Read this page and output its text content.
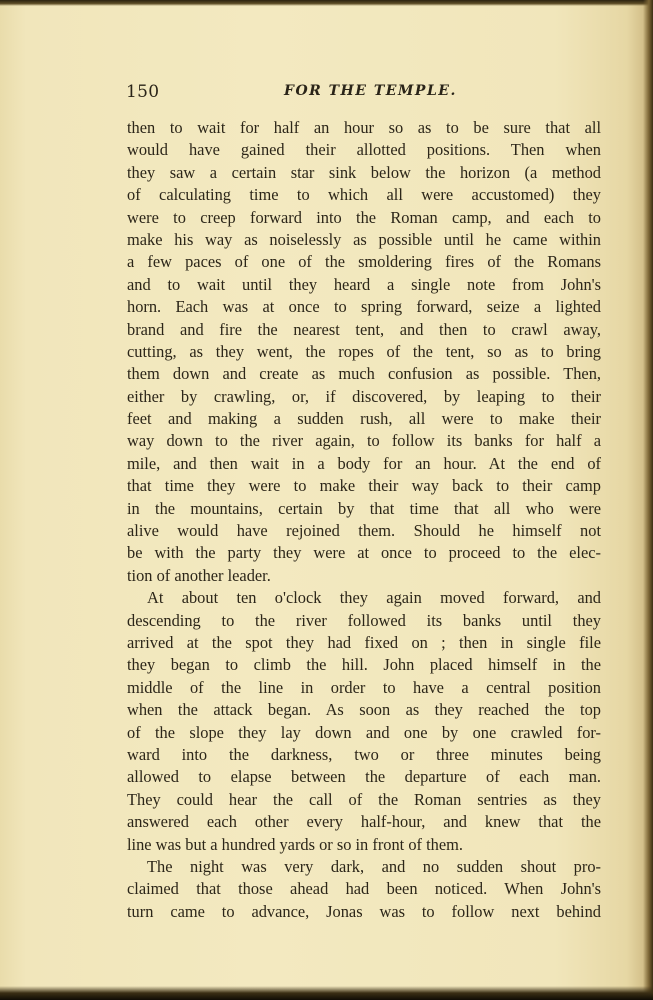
150	FOR THE TEMPLE.
then to wait for half an hour so as to be sure that all
would have gained their allotted positions. Then when
they saw a certain star sink below the horizon (a method
of calculating time to which all were accustomed) they
were to creep forward into the Roman camp, and each to
make his way as noiselessly as possible until he came within
a few paces of one of the smoldering fires of the Romans
and to wait until they heard a single note from John's
horn. Each was at once to spring forward, seize a lighted
brand and fire the nearest tent, and then to crawl away,
cutting, as they went, the ropes of the tent, so as to bring
them down and create as much confusion as possible. Then,
either by crawling, or, if discovered, by leaping to their
feet and making a sudden rush, all were to make their
way down to the river again, to follow its banks for half a
mile, and then wait in a body for an hour. At the end of
that time they were to make their way back to their camp
in the mountains, certain by that time that all who were
alive would have rejoined them. Should he himself not
be with the party they were at once to proceed to the elec-
tion of another leader.
At about ten o'clock they again moved forward, and
descending to the river followed its banks until they
arrived at the spot they had fixed on ; then in single file
they began to climb the hill. John placed himself in the
middle of the line in order to have a central position
when the attack began. As soon as they reached the top
of the slope they lay down and one by one crawled for-
ward into the darkness, two or three minutes being
allowed to elapse between the departure of each man.
They could hear the call of the Roman sentries as they
answered each other every half-hour, and knew that the
line was but a hundred yards or so in front of them.
The night was very dark, and no sudden shout pro-
claimed that those ahead had been noticed. When John's
turn came to advance, Jonas was to follow next behind
